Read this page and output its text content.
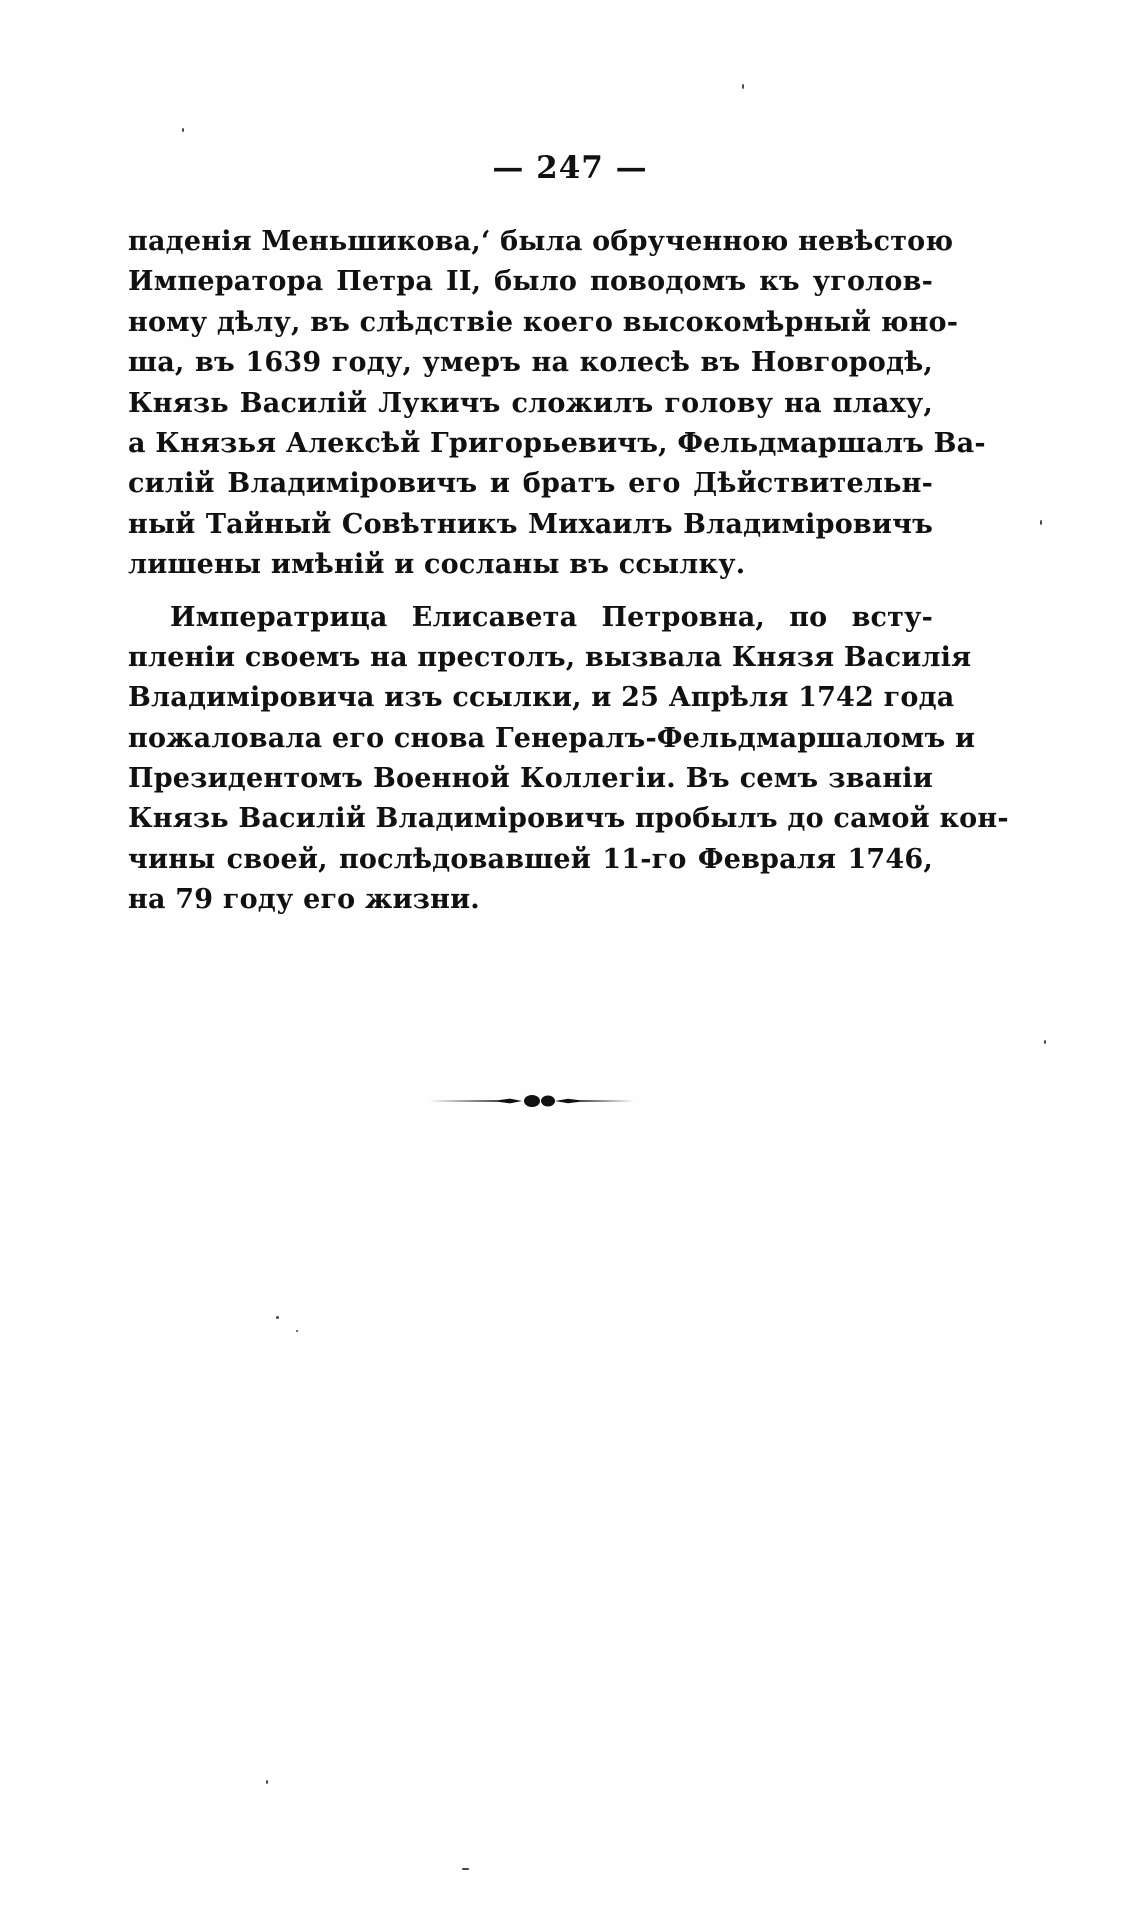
— 247 —
паденія Меньшикова,ʻ была обрученною невѣстою
Императора Петра II, было поводомъ къ уголов-
ному дѣлу, въ слѣдствіе коего высокомѣрный юно-
ша, въ 1639 году, умеръ на колесѣ въ Новгородѣ,
Князь Василій Лукичъ сложилъ голову на плаху,
а Князья Алексѣй Григорьевичъ, Фельдмаршалъ Ва-
силій Владиміровичъ и братъ его Дѣйствительн-
ный Тайный Совѣтникъ Михаилъ Владиміровичъ
лишены имѣній и сосланы въ ссылку.
Императрица Елисавета Петровна, по всту-
пленіи своемъ на престолъ, вызвала Князя Василія
Владиміровича изъ ссылки, и 25 Апрѣля 1742 года
пожаловала его снова Генералъ-Фельдмаршаломъ и
Президентомъ Военной Коллегіи. Въ семъ званіи
Князь Василій Владиміровичъ пробылъ до самой кон-
чины своей, послѣдовавшей 11-го Февраля 1746,
на 79 году его жизни.
